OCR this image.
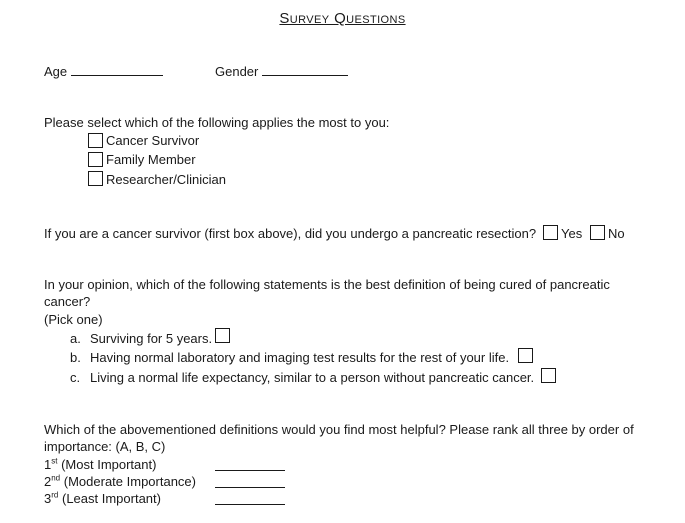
Survey Questions
Age	Gender
Please select which of the following applies the most to you:
Cancer Survivor
Family Member
Researcher/Clinician
If you are a cancer survivor (first box above), did you undergo a pancreatic resection? Yes No
In your opinion, which of the following statements is the best definition of being cured of pancreatic
cancer?
(Pick one)
a. Surviving for 5 years.
b. Having normal laboratory and imaging test results for the rest of your life.
c. Living a normal life expectancy, similar to a person without pancreatic cancer.
Which of the abovementioned definitions would you find most helpful? Please rank all three by order of
importance: (A, B, C)
1st (Most Important)
2nd (Moderate Importance)
3rd (Least Important)
